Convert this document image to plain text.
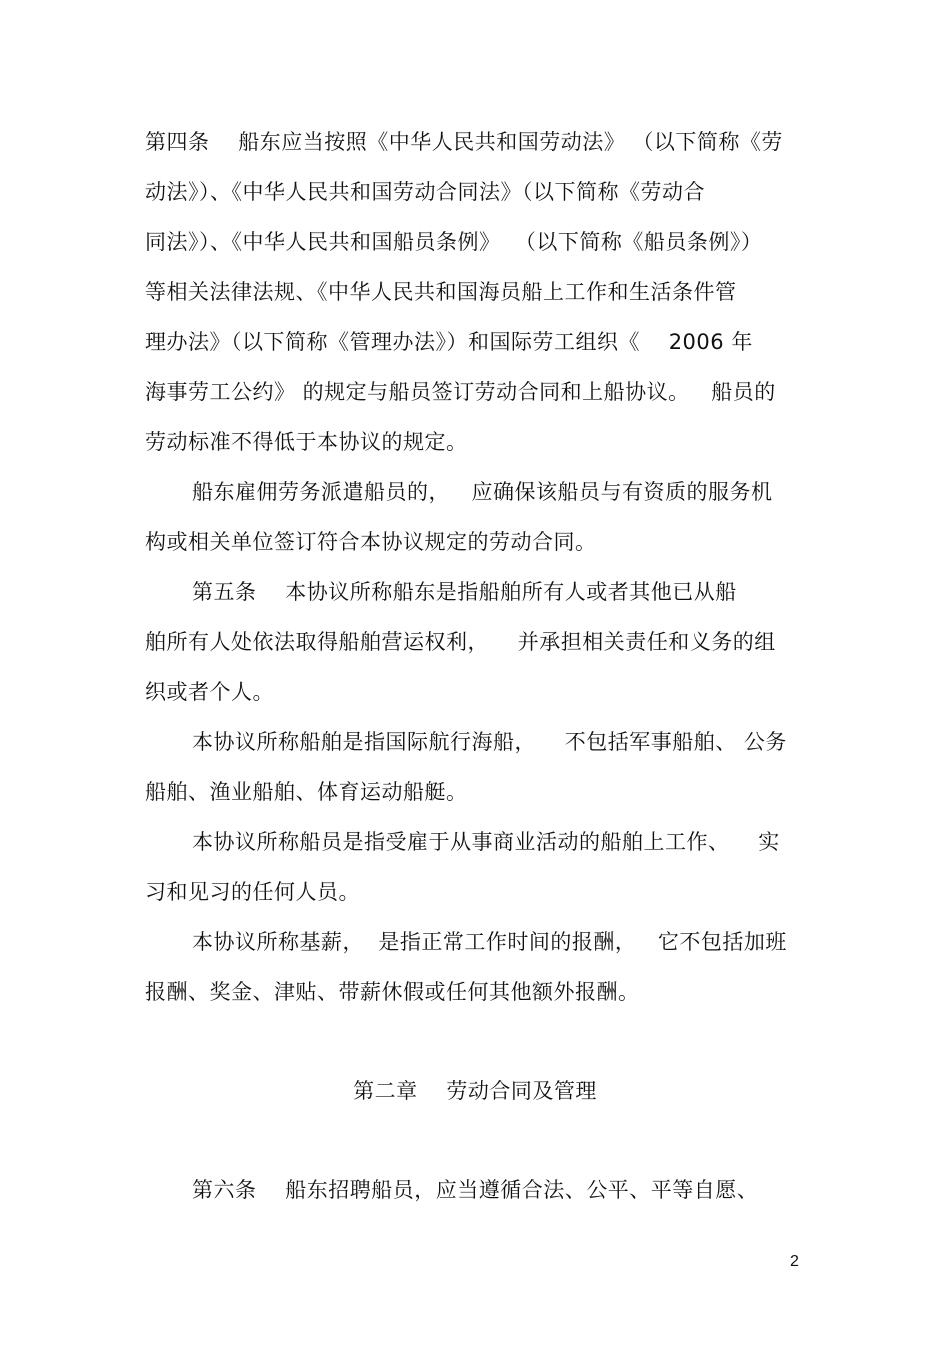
第四条    船东应当按照《中华人民共和国劳动法》 （以下简称《劳
动法》）、《中华人民共和国劳动合同法》（以下简称《劳动合
同法》）、《中华人民共和国船员条例》  （以下简称《船员条例》）
等相关法律法规、《中华人民共和国海员船上工作和生活条件管
理办法》（以下简称《管理办法》）和国际劳工组织《    2006 年
海事劳工公约》 的规定与船员签订劳动合同和上船协议。   船员的
劳动标准不得低于本协议的规定。
船东雇佣劳务派遣船员的，   应确保该船员与有资质的服务机
构或相关单位签订符合本协议规定的劳动合同。
第五条    本协议所称船东是指船舶所有人或者其他已从船
舶所有人处依法取得船舶营运权利，    并承担相关责任和义务的组
织或者个人。
本协议所称船舶是指国际航行海船，    不包括军事船舶、 公务
船舶、渔业船舶、体育运动船艇。
本协议所称船员是指受雇于从事商业活动的船舶上工作、    实
习和见习的任何人员。
本协议所称基薪，  是指正常工作时间的报酬，   它不包括加班
报酬、奖金、津贴、带薪休假或任何其他额外报酬。
第二章    劳动合同及管理
第六条    船东招聘船员，应当遵循合法、公平、平等自愿、
2
